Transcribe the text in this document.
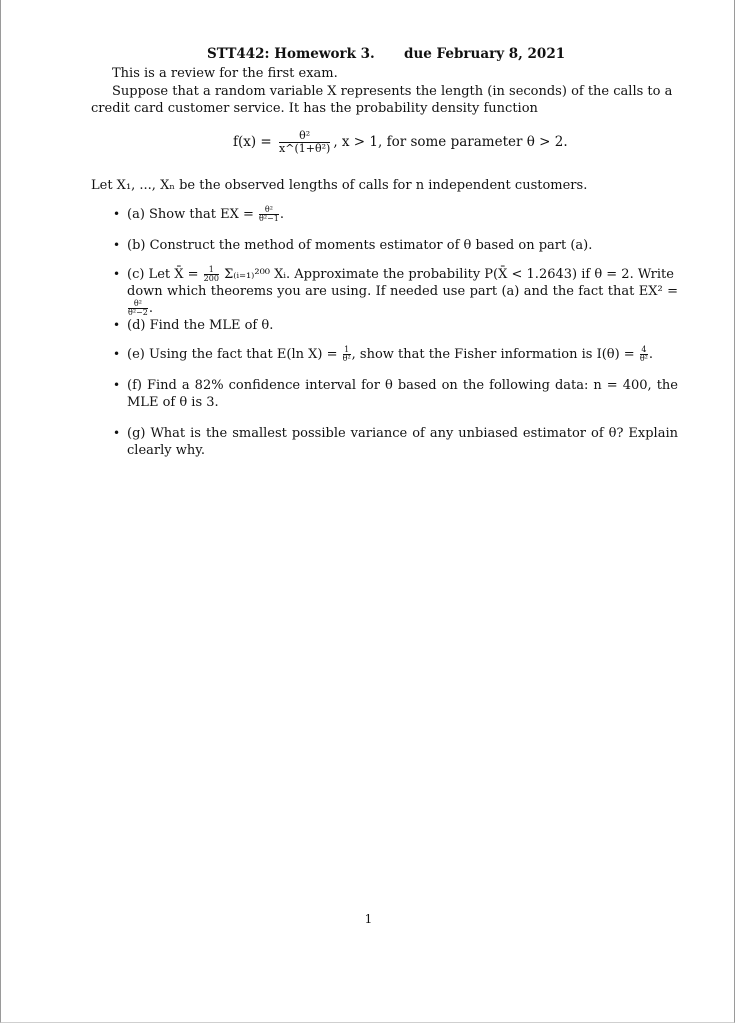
STT442: Homework 3. due February 8, 2021
This is a review for the first exam.
Suppose that a random variable X represents the length (in seconds) of the calls to a credit card customer service. It has the probability density function
$f(x) = \frac{\text{θ²}}{\text{x\textasciicircum{}(1+θ²)}}$ , x > 1, for some parameter θ > 2.
Let X₁, ..., Xₙ be the observed lengths of calls for n independent customers.
• (a) Show that EX = $\frac{\text{θ²}}{\text{θ²−1}}$ .
• (b) Construct the method of moments estimator of θ based on part (a).
• (c) Let X̄ = $\frac{1}{200}$ Σ₍ᵢ₌₁₎²⁰⁰ Xᵢ. Approximate the probability P(X̄ < 1.2643) if θ = 2. Write
down which theorems you are using. If needed use part (a) and the fact that EX² =
$\frac{\text{θ²}}{\text{θ²−2}}$ .
• (d) Find the MLE of θ.
• (e) Using the fact that E(ln $X) = \frac{1}{\text{θ²}}$ , show that the Fisher information is $I(\theta) = \frac{4}{\text{θ²}}$ .
• (f) Find a 82% confidence interval for θ based on the following data: n = 400, the MLE of θ is 3.
• (g) What is the smallest possible variance of any unbiased estimator of θ? Explain clearly why.
1
